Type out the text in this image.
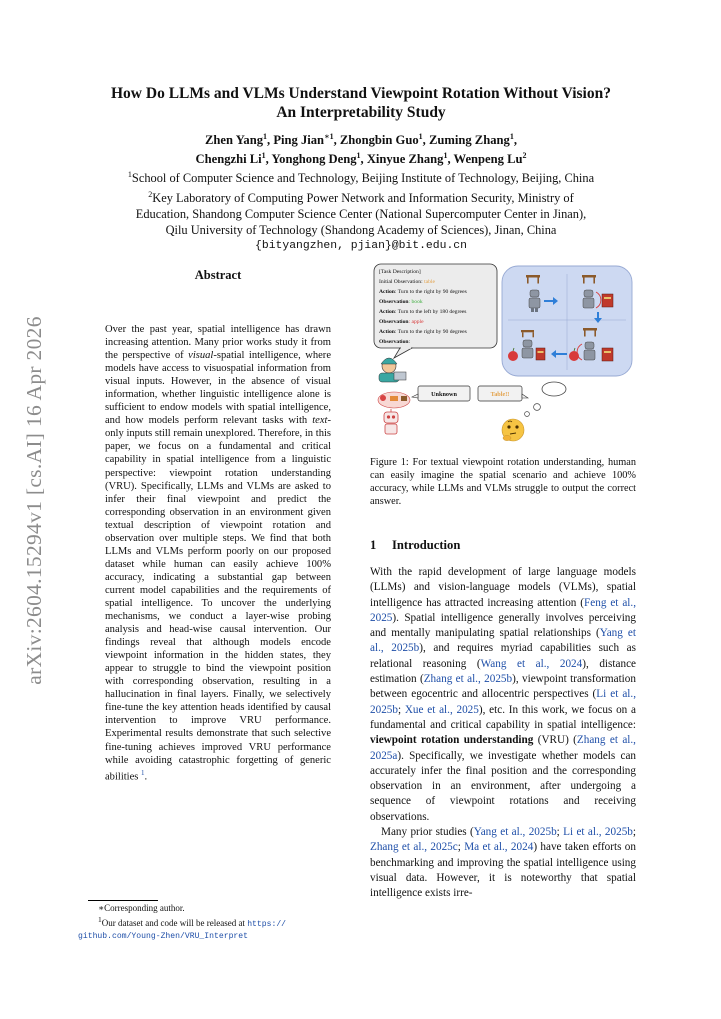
arXiv:2604.15294v1 [cs.AI] 16 Apr 2026
How Do LLMs and VLMs Understand Viewpoint Rotation Without Vision?
An Interpretability Study
Zhen Yang$^1$, Ping Jian$^{∗1}$, Zhongbin Guo$^1$, Zuming Zhang$^1$,
Chengzhi Li$^1$, Yonghong Deng$^1$, Xinyue Zhang$^1$, Wenpeng Lu$^2$
$^1$School of Computer Science and Technology, Beijing Institute of Technology, Beijing, China
$^2$Key Laboratory of Computing Power Network and Information Security, Ministry of
Education, Shandong Computer Science Center (National Supercomputer Center in Jinan),
Qilu University of Technology (Shandong Academy of Sciences), Jinan, China
{bityangzhen, pjian}@bit.edu.cn
Abstract

Over the past year, spatial intelligence has drawn increasing attention. Many prior works study it from the perspective of visual-spatial intelligence, where models have access to visuospatial information from visual inputs. However, in the absence of visual information, whether linguistic intelligence alone is sufficient to endow models with spatial intelligence, and how models perform relevant tasks with text-only inputs still remain unexplored. Therefore, in this paper, we focus on a fundamental and critical capability in spatial intelligence from a linguistic perspective: viewpoint rotation understanding (VRU). Specifically, LLMs and VLMs are asked to infer their final viewpoint and predict the corresponding observation in an environment given textual description of viewpoint rotation and observation over multiple steps. We find that both LLMs and VLMs perform poorly on our proposed dataset while human can easily achieve 100% accuracy, indicating a substantial gap between current model capabilities and the requirements of spatial intelligence. To uncover the underlying mechanisms, we conduct a layer-wise probing analysis and head-wise causal intervention. Our findings reveal that although models encode viewpoint information in the hidden states, they appear to struggle to bind the viewpoint position with corresponding observation, resulting in a hallucination in final layers. Finally, we selectively fine-tune the key attention heads identified by causal intervention to improve VRU performance. Experimental results demonstrate that such selective fine-tuning achieves improved VRU performance while avoiding catastrophic forgetting of generic abilities $^1$.

∗Corresponding author.
$^1$Our dataset and code will be released at https://
github.com/Young-Zhen/VRU_Interpret
[Task Description]
Initial Observation: table
Action: Turn to the right by 90 degrees
Observation: book
Action: Turn to the left by 180 degrees
Observation: apple
Action: Turn to the right by 90 degrees
Observation:
Unknown	Table!!
Figure 1: For textual viewpoint rotation understanding, human can easily imagine the spatial scenario and achieve 100% accuracy, while LLMs and VLMs struggle to output the correct answer.
1 Introduction

With the rapid development of large language models (LLMs) and vision-language models (VLMs), spatial intelligence has attracted increasing attention (Feng et al., 2025). Spatial intelligence generally involves perceiving and mentally manipulating spatial relationships (Yang et al., 2025b), and requires myriad capabilities such as relational reasoning (Wang et al., 2024), distance estimation (Zhang et al., 2025b), viewpoint transformation between egocentric and allocentric perspectives (Li et al., 2025b; Xue et al., 2025), etc. In this work, we focus on a fundamental and critical capability in spatial intelligence: viewpoint rotation understanding (VRU) (Zhang et al., 2025a). Specifically, we investigate whether models can accurately infer the final position and the corresponding observation in an environment, after undergoing a sequence of viewpoint rotations and receiving observations.

Many prior studies (Yang et al., 2025b; Li et al., 2025b; Zhang et al., 2025c; Ma et al., 2024) have taken efforts on benchmarking and improving the spatial intelligence using visual data. However, it is noteworthy that spatial intelligence exists irre-
